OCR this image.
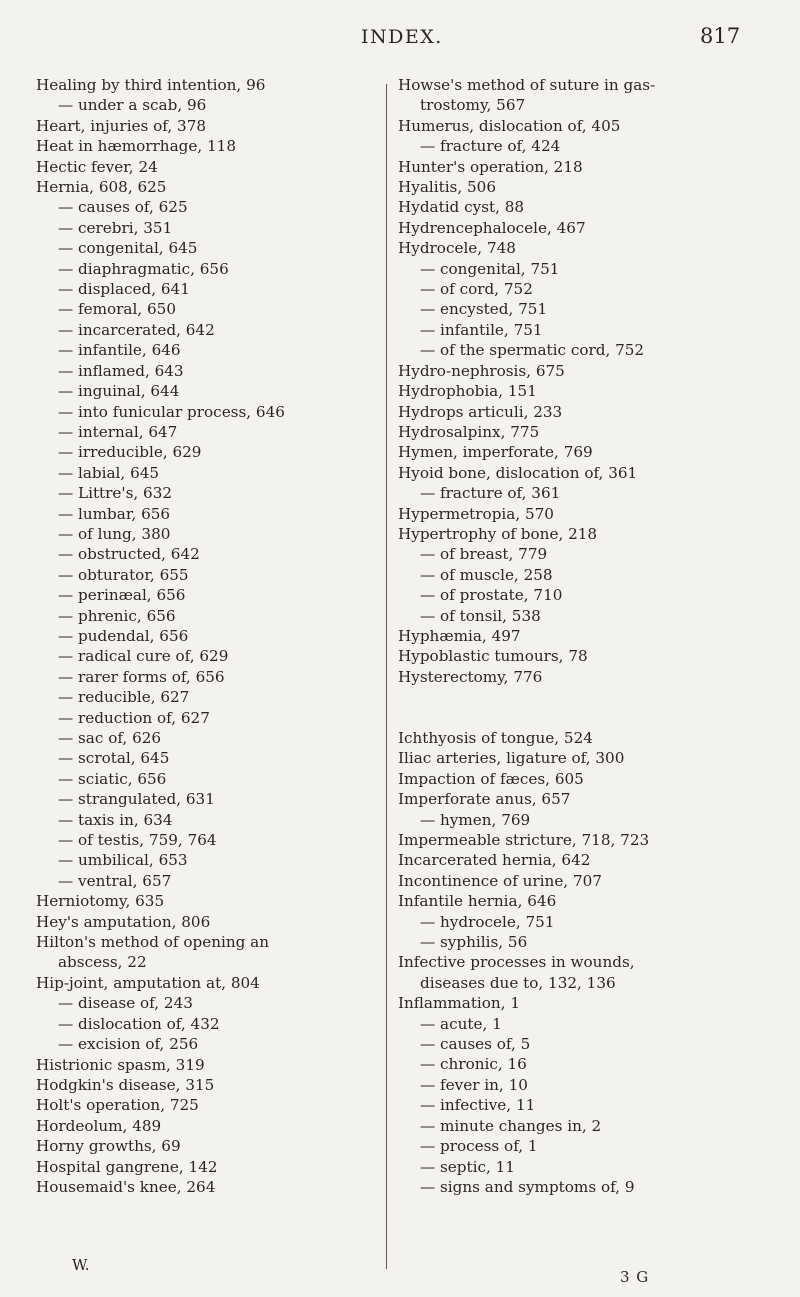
INDEX.	817
Healing by third intention, 96
— under a scab, 96
Heart, injuries of, 378
Heat in hæmorrhage, 118
Hectic fever, 24
Hernia, 608, 625
— causes of, 625
— cerebri, 351
— congenital, 645
— diaphragmatic, 656
— displaced, 641
— femoral, 650
— incarcerated, 642
— infantile, 646
— inflamed, 643
— inguinal, 644
— into funicular process, 646
— internal, 647
— irreducible, 629
— labial, 645
— Littre's, 632
— lumbar, 656
— of lung, 380
— obstructed, 642
— obturator, 655
— perinæal, 656
— phrenic, 656
— pudendal, 656
— radical cure of, 629
— rarer forms of, 656
— reducible, 627
— reduction of, 627
— sac of, 626
— scrotal, 645
— sciatic, 656
— strangulated, 631
— taxis in, 634
— of testis, 759, 764
— umbilical, 653
— ventral, 657
Herniotomy, 635
Hey's amputation, 806
Hilton's method of opening an
abscess, 22
Hip-joint, amputation at, 804
— disease of, 243
— dislocation of, 432
— excision of, 256
Histrionic spasm, 319
Hodgkin's disease, 315
Holt's operation, 725
Hordeolum, 489
Horny growths, 69
Hospital gangrene, 142
Housemaid's knee, 264
Howse's method of suture in gas-
trostomy, 567
Humerus, dislocation of, 405
— fracture of, 424
Hunter's operation, 218
Hyalitis, 506
Hydatid cyst, 88
Hydrencephalocele, 467
Hydrocele, 748
— congenital, 751
— of cord, 752
— encysted, 751
— infantile, 751
— of the spermatic cord, 752
Hydro-nephrosis, 675
Hydrophobia, 151
Hydrops articuli, 233
Hydrosalpinx, 775
Hymen, imperforate, 769
Hyoid bone, dislocation of, 361
— fracture of, 361
Hypermetropia, 570
Hypertrophy of bone, 218
— of breast, 779
— of muscle, 258
— of prostate, 710
— of tonsil, 538
Hyphæmia, 497
Hypoblastic tumours, 78
Hysterectomy, 776
Ichthyosis of tongue, 524
Iliac arteries, ligature of, 300
Impaction of fæces, 605
Imperforate anus, 657
— hymen, 769
Impermeable stricture, 718, 723
Incarcerated hernia, 642
Incontinence of urine, 707
Infantile hernia, 646
— hydrocele, 751
— syphilis, 56
Infective processes in wounds,
diseases due to, 132, 136
Inflammation, 1
— acute, 1
— causes of, 5
— chronic, 16
— fever in, 10
— infective, 11
— minute changes in, 2
— process of, 1
— septic, 11
— signs and symptoms of, 9
W.
3 G
